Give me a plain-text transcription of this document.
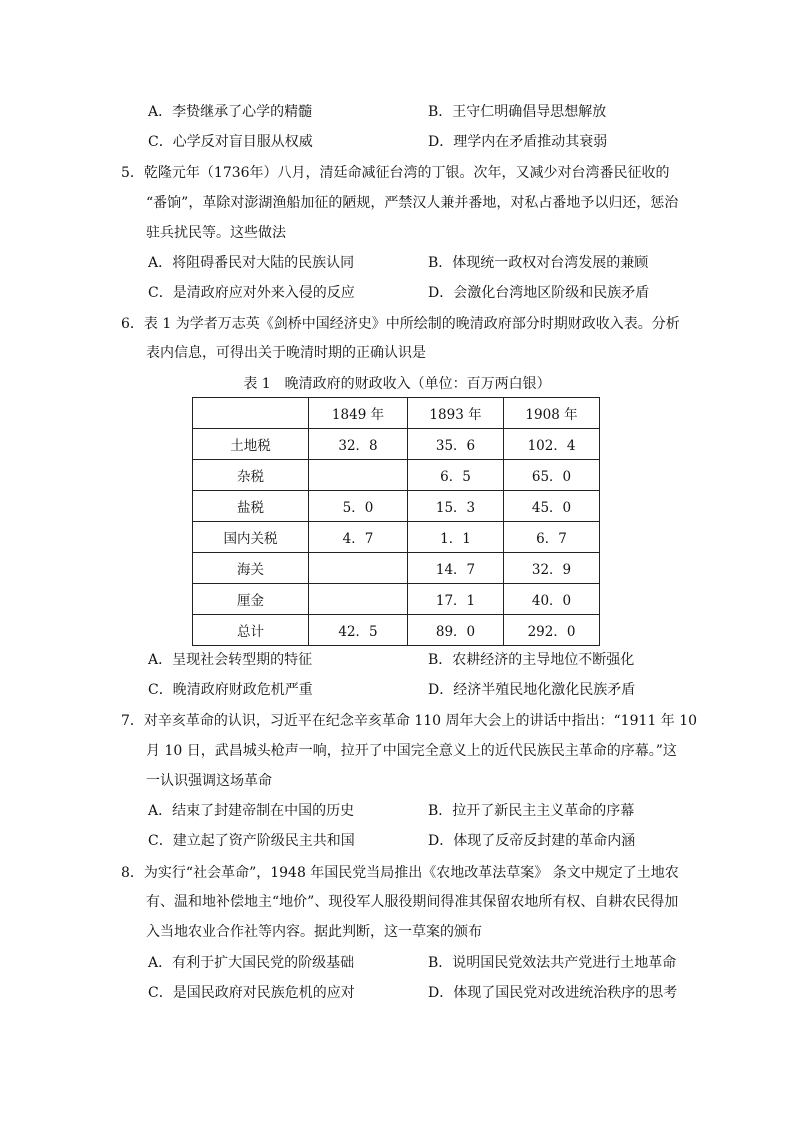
A．李贽继承了心学的精髓	B．王守仁明确倡导思想解放
C．心学反对盲目服从权威	D．理学内在矛盾推动其衰弱
5．乾隆元年（1736年）八月，清廷命减征台湾的丁银。次年，又减少对台湾番民征收的
“番饷”，革除对澎湖渔船加征的陋规，严禁汉人兼并番地，对私占番地予以归还，惩治
驻兵扰民等。这些做法
A．将阻碍番民对大陆的民族认同	B．体现统一政权对台湾发展的兼顾
C．是清政府应对外来入侵的反应	D．会激化台湾地区阶级和民族矛盾
6．表 1 为学者万志英《剑桥中国经济史》中所绘制的晚清政府部分时期财政收入表。分析
表内信息，可得出关于晚清时期的正确认识是
表 1　晚清政府的财政收入（单位：百万两白银）
	1849 年	1893 年	1908 年
土地税	32．8	35．6	102．4
杂税		6．5	65．0
盐税	5．0	15．3	45．0
国内关税	4．7	1．1	6．7
海关		14．7	32．9
厘金		17．1	40．0
总计	42．5	89．0	292．0
A．呈现社会转型期的特征	B．农耕经济的主导地位不断强化
C．晚清政府财政危机严重	D．经济半殖民地化激化民族矛盾
7．对辛亥革命的认识，习近平在纪念辛亥革命 110 周年大会上的讲话中指出：“1911 年 10
月 10 日，武昌城头枪声一响，拉开了中国完全意义上的近代民族民主革命的序幕。”这
一认识强调这场革命
A．结束了封建帝制在中国的历史	B．拉开了新民主主义革命的序幕
C．建立起了资产阶级民主共和国	D．体现了反帝反封建的革命内涵
8．为实行“社会革命”，1948 年国民党当局推出《农地改革法草案》 条文中规定了土地农
有、温和地补偿地主“地价”、现役军人服役期间得准其保留农地所有权、自耕农民得加
入当地农业合作社等内容。据此判断，这一草案的颁布
A．有利于扩大国民党的阶级基础	B．说明国民党效法共产党进行土地革命
C．是国民政府对民族危机的应对	D．体现了国民党对改进统治秩序的思考
